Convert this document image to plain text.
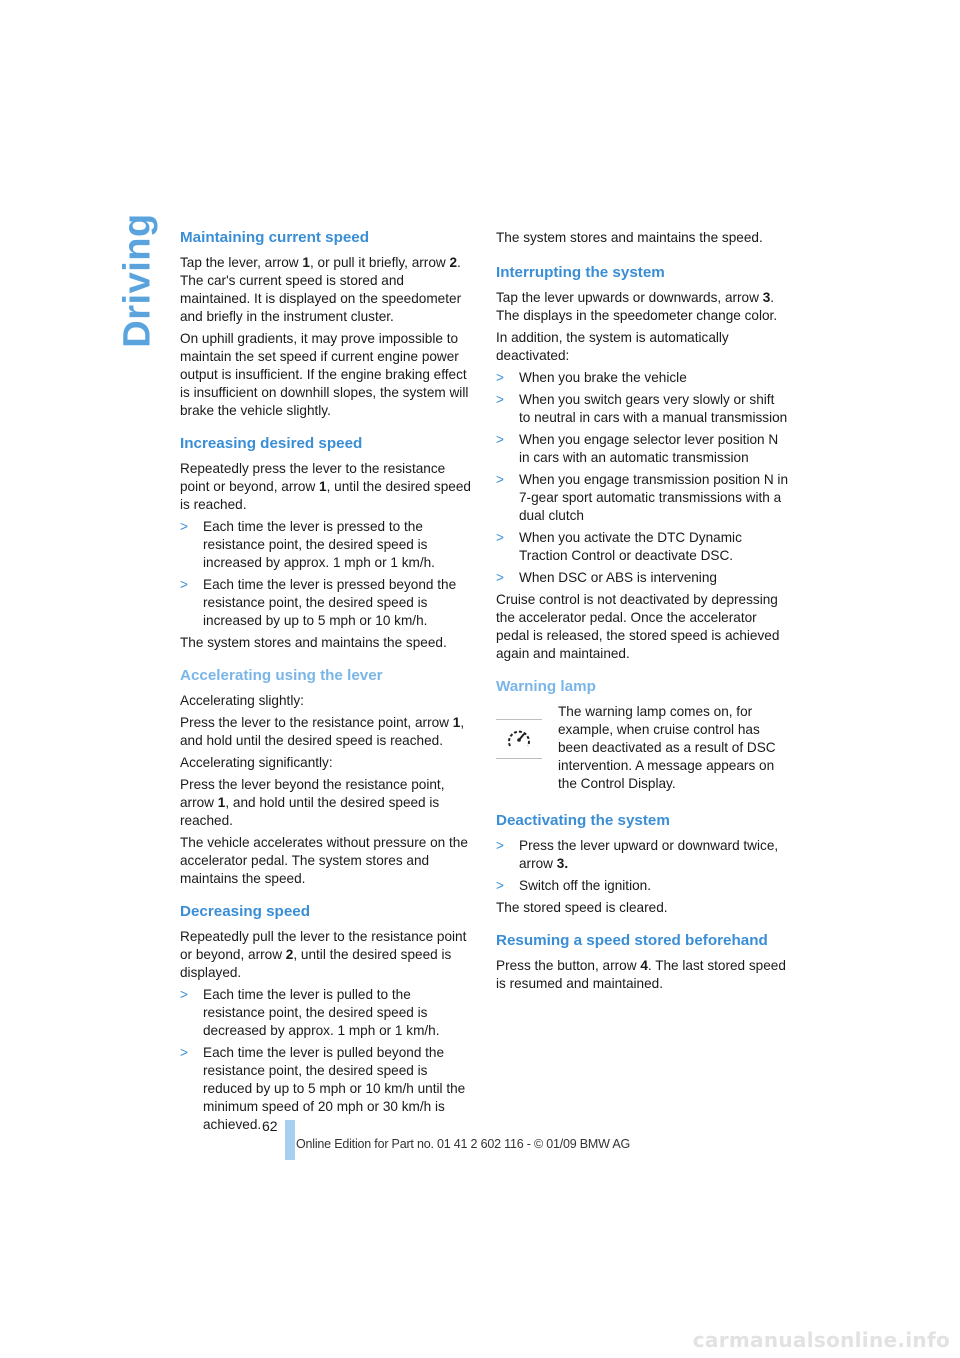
Driving Maintaining current speed

Tap the lever, arrow 1, or pull it briefly, arrow 2. The car's current speed is stored and maintained. It is displayed on the speedometer and briefly in the instrument cluster.

On uphill gradients, it may prove impossible to maintain the set speed if current engine power output is insufficient. If the engine braking effect is insufficient on downhill slopes, the system will brake the vehicle slightly.

Increasing desired speed

Repeatedly press the lever to the resistance point or beyond, arrow 1, until the desired speed is reached.

> Each time the lever is pressed to the resistance point, the desired speed is increased by approx. 1 mph or 1 km/h.
> Each time the lever is pressed beyond the resistance point, the desired speed is increased by up to 5 mph or 10 km/h.

The system stores and maintains the speed.

Accelerating using the lever

Accelerating slightly:

Press the lever to the resistance point, arrow 1, and hold until the desired speed is reached.

Accelerating significantly:

Press the lever beyond the resistance point, arrow 1, and hold until the desired speed is reached.

The vehicle accelerates without pressure on the accelerator pedal. The system stores and maintains the speed.

Decreasing speed

Repeatedly pull the lever to the resistance point or beyond, arrow 2, until the desired speed is displayed.

> Each time the lever is pulled to the resistance point, the desired speed is decreased by approx. 1 mph or 1 km/h.
> Each time the lever is pulled beyond the resistance point, the desired speed is reduced by up to 5 mph or 10 km/h until the minimum speed of 20 mph or 30 km/h is achieved.

The system stores and maintains the speed.

Interrupting the system

Tap the lever upwards or downwards, arrow 3. The displays in the speedometer change color.

In addition, the system is automatically deactivated:

> When you brake the vehicle
> When you switch gears very slowly or shift to neutral in cars with a manual transmission
> When you engage selector lever position N in cars with an automatic transmission
> When you engage transmission position N in 7-gear sport automatic transmissions with a dual clutch
> When you activate the DTC Dynamic Traction Control or deactivate DSC.
> When DSC or ABS is intervening

Cruise control is not deactivated by depressing the accelerator pedal. Once the accelerator pedal is released, the stored speed is achieved again and maintained.

Warning lamp

The warning lamp comes on, for example, when cruise control has been deactivated as a result of DSC intervention. A message appears on the Control Display.

Deactivating the system
> Press the lever upward or downward twice, arrow 3.
> Switch off the ignition.

The stored speed is cleared.

Resuming a speed stored beforehand

Press the button, arrow 4. The last stored speed is resumed and maintained.

62
Online Edition for Part no. 01 41 2 602 116 - © 01/09 BMW AG
carmanualsonline.info
